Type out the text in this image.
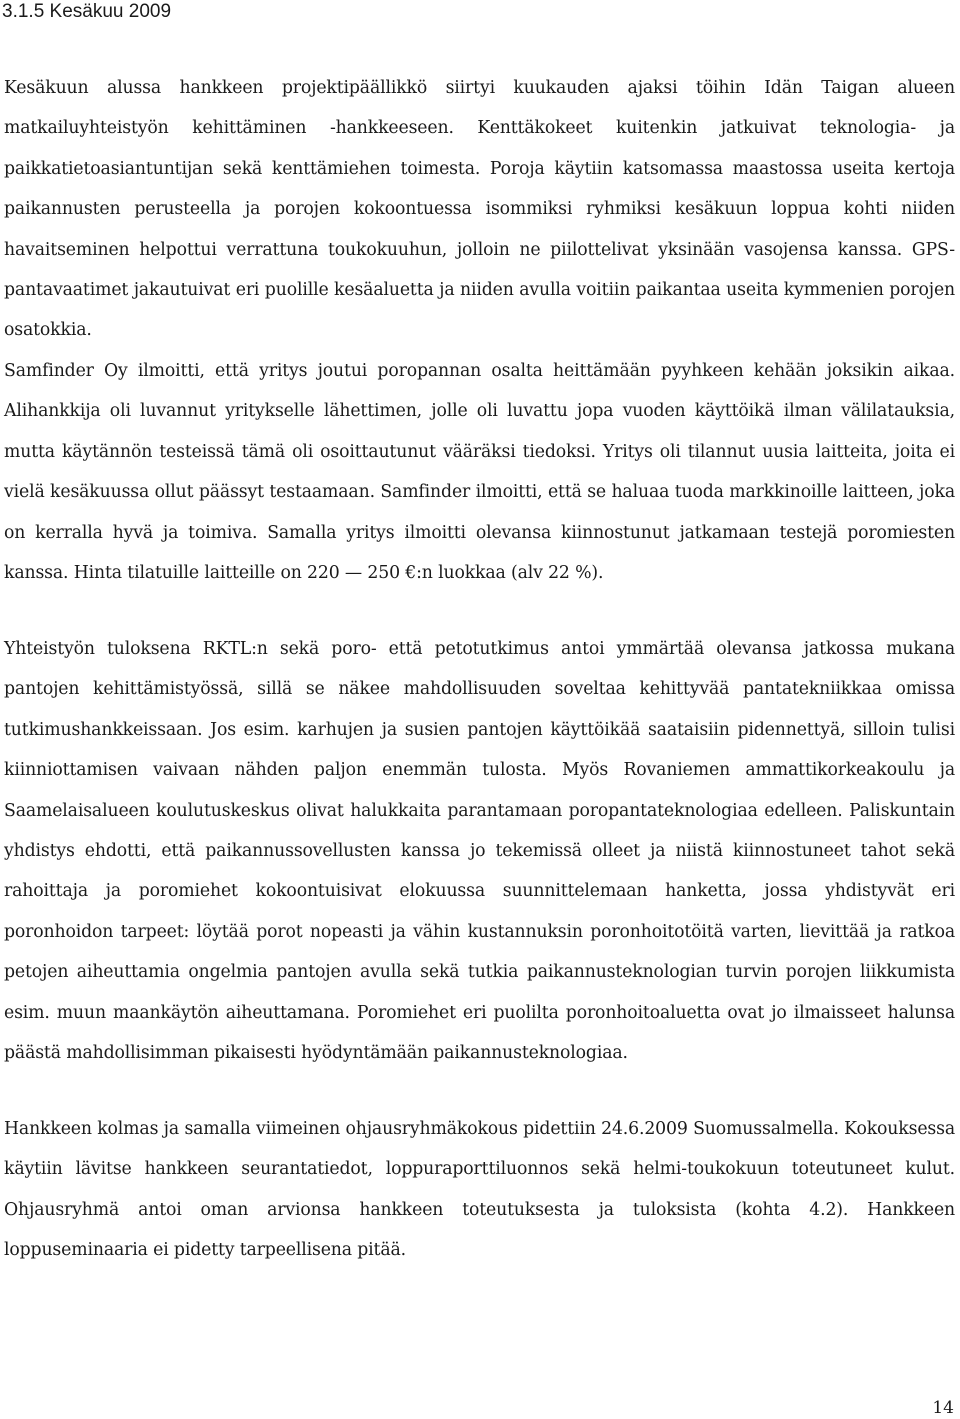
3.1.5 Kesäkuu 2009

Kesäkuun alussa hankkeen projektipäällikkö siirtyi kuukauden ajaksi töihin Idän Taigan alueen matkailuyhteistyön kehittäminen -hankkeeseen. Kenttäkokeet kuitenkin jatkuivat teknologia- ja paikkatietoasiantuntijan sekä kenttämiehen toimesta. Poroja käytiin katsomassa maastossa useita kertoja paikannusten perusteella ja porojen kokoontuessa isommiksi ryhmiksi kesäkuun loppua kohti niiden havaitseminen helpottui verrattuna toukokuuhun, jolloin ne piilottelivat yksinään vasojensa kanssa. GPS-pantavaatimet jakautuivat eri puolille kesäaluetta ja niiden avulla voitiin paikantaa useita kymmenien porojen osatokkia.

Samfinder Oy ilmoitti, että yritys joutui poropannan osalta heittämään pyyhkeen kehään joksikin aikaa. Alihankkija oli luvannut yritykselle lähettimen, jolle oli luvattu jopa vuoden käyttöikä ilman välilatauksia, mutta käytännön testeissä tämä oli osoittautunut vääräksi tiedoksi. Yritys oli tilannut uusia laitteita, joita ei vielä kesäkuussa ollut päässyt testaamaan. Samfinder ilmoitti, että se haluaa tuoda markkinoille laitteen, joka on kerralla hyvä ja toimiva. Samalla yritys ilmoitti olevansa kiinnostunut jatkamaan testejä poromiesten kanssa. Hinta tilatuille laitteille on 220 — 250 €:n luokkaa (alv 22 %).

Yhteistyön tuloksena RKTL:n sekä poro- että petotutkimus antoi ymmärtää olevansa jatkossa mukana pantojen kehittämistyössä, sillä se näkee mahdollisuuden soveltaa kehittyvää pantatekniikkaa omissa tutkimushankkeissaan. Jos esim. karhujen ja susien pantojen käyttöikää saataisiin pidennettyä, silloin tulisi kiinniottamisen vaivaan nähden paljon enemmän tulosta. Myös Rovaniemen ammattikorkeakoulu ja Saamelaisalueen koulutuskeskus olivat halukkaita parantamaan poropantateknologiaa edelleen. Paliskuntain yhdistys ehdotti, että paikannussovellusten kanssa jo tekemissä olleet ja niistä kiinnostuneet tahot sekä rahoittaja ja poromiehet kokoontuisivat elokuussa suunnittelemaan hanketta, jossa yhdistyvät eri poronhoidon tarpeet: löytää porot nopeasti ja vähin kustannuksin poronhoitotöitä varten, lievittää ja ratkoa petojen aiheuttamia ongelmia pantojen avulla sekä tutkia paikannusteknologian turvin porojen liikkumista esim. muun maankäytön aiheuttamana. Poromiehet eri puolilta poronhoitoaluetta ovat jo ilmaisseet halunsa päästä mahdollisimman pikaisesti hyödyntämään paikannusteknologiaa.

Hankkeen kolmas ja samalla viimeinen ohjausryhmäkokous pidettiin 24.6.2009 Suomussalmella. Kokouksessa käytiin lävitse hankkeen seurantatiedot, loppuraporttiluonnos sekä helmi-toukokuun toteutuneet kulut. Ohjausryhmä antoi oman arvionsa hankkeen toteutuksesta ja tuloksista (kohta 4.2). Hankkeen loppuseminaaria ei pidetty tarpeellisena pitää.

14
